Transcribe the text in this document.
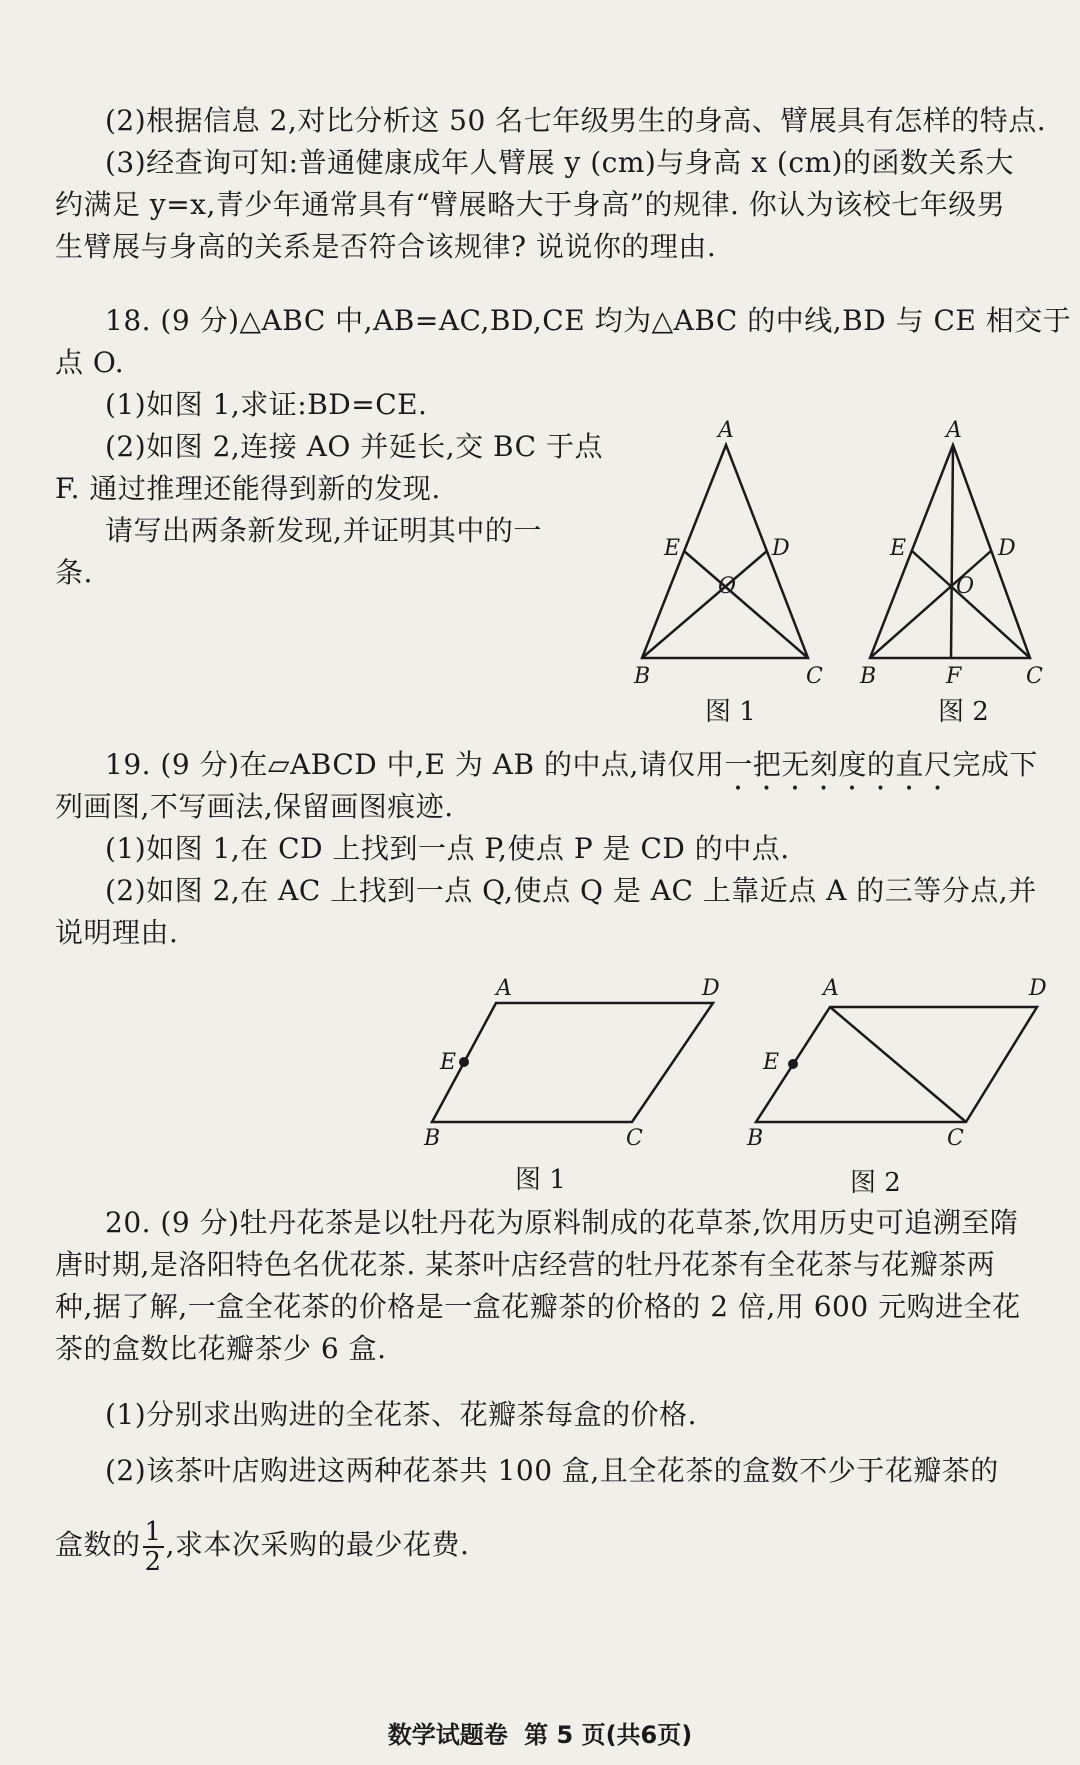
(2)根据信息 2,对比分析这 50 名七年级男生的身高、臂展具有怎样的特点.
(3)经查询可知:普通健康成年人臂展 y (cm)与身高 x (cm)的函数关系大
约满足 y=x,青少年通常具有“臂展略大于身高”的规律. 你认为该校七年级男
生臂展与身高的关系是否符合该规律? 说说你的理由.
18. (9 分)△ABC 中,AB=AC,BD,CE 均为△ABC 的中线,BD 与 CE 相交于
点 O.
(1)如图 1,求证:BD=CE.
(2)如图 2,连接 AO 并延长,交 BC 于点
F. 通过推理还能得到新的发现.
请写出两条新发现,并证明其中的一
条.
A
B	C
D
E
O
图 1
A
B	C
D
E
O
F
图 2
19. (9 分)在▱ABCD 中,E 为 AB 的中点,请仅用一把无刻度的直尺完成下
列画图,不写画法,保留画图痕迹.
(1)如图 1,在 CD 上找到一点 P,使点 P 是 CD 的中点.
(2)如图 2,在 AC 上找到一点 Q,使点 Q 是 AC 上靠近点 A 的三等分点,并
说明理由.
A
B	C
D
E
图 1
A
B	C
D
E
图 2
20. (9 分)牡丹花茶是以牡丹花为原料制成的花草茶,饮用历史可追溯至隋
唐时期,是洛阳特色名优花茶. 某茶叶店经营的牡丹花茶有全花茶与花瓣茶两
种,据了解,一盒全花茶的价格是一盒花瓣茶的价格的 2 倍,用 600 元购进全花
茶的盒数比花瓣茶少 6 盒.
(1)分别求出购进的全花茶、花瓣茶每盒的价格.
(2)该茶叶店购进这两种花茶共 100 盒,且全花茶的盒数不少于花瓣茶的
盒数的 $\frac{1}{2}$ ,求本次采购的最少花费.
数学试题卷 第 5 页(共6页)
